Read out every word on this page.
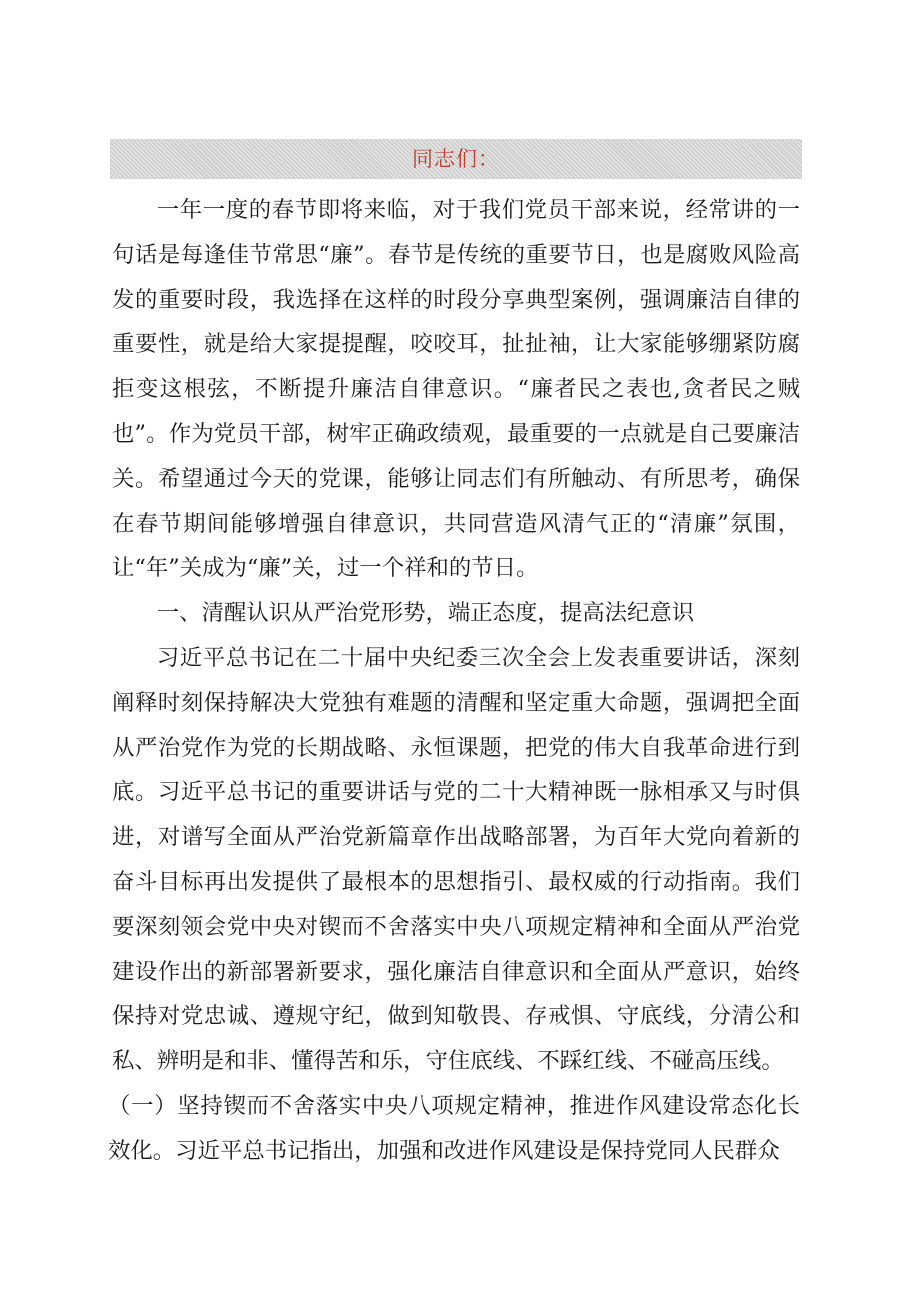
同志们：

一年一度的春节即将来临，对于我们党员干部来说，经常讲的一句话是每逢佳节常思“廉”。春节是传统的重要节日，也是腐败风险高发的重要时段，我选择在这样的时段分享典型案例，强调廉洁自律的重要性，就是给大家提提醒，咬咬耳，扯扯袖，让大家能够绷紧防腐拒变这根弦，不断提升廉洁自律意识。“廉者民之表也,贪者民之贼也”。作为党员干部，树牢正确政绩观，最重要的一点就是自己要廉洁关。希望通过今天的党课，能够让同志们有所触动、有所思考，确保在春节期间能够增强自律意识，共同营造风清气正的“清廉”氛围，让“年”关成为“廉”关，过一个祥和的节日。

一、清醒认识从严治党形势，端正态度，提高法纪意识

习近平总书记在二十届中央纪委三次全会上发表重要讲话，深刻阐释时刻保持解决大党独有难题的清醒和坚定重大命题，强调把全面从严治党作为党的长期战略、永恒课题，把党的伟大自我革命进行到底。习近平总书记的重要讲话与党的二十大精神既一脉相承又与时俱进，对谱写全面从严治党新篇章作出战略部署，为百年大党向着新的奋斗目标再出发提供了最根本的思想指引、最权威的行动指南。我们要深刻领会党中央对锲而不舍落实中央八项规定精神和全面从严治党建设作出的新部署新要求，强化廉洁自律意识和全面从严意识，始终保持对党忠诚、遵规守纪，做到知敬畏、存戒惧、守底线，分清公和私、辨明是和非、懂得苦和乐，守住底线、不踩红线、不碰高压线。

（一）坚持锲而不舍落实中央八项规定精神，推进作风建设常态化长效化。习近平总书记指出，加强和改进作风建设是保持党同人民群众
